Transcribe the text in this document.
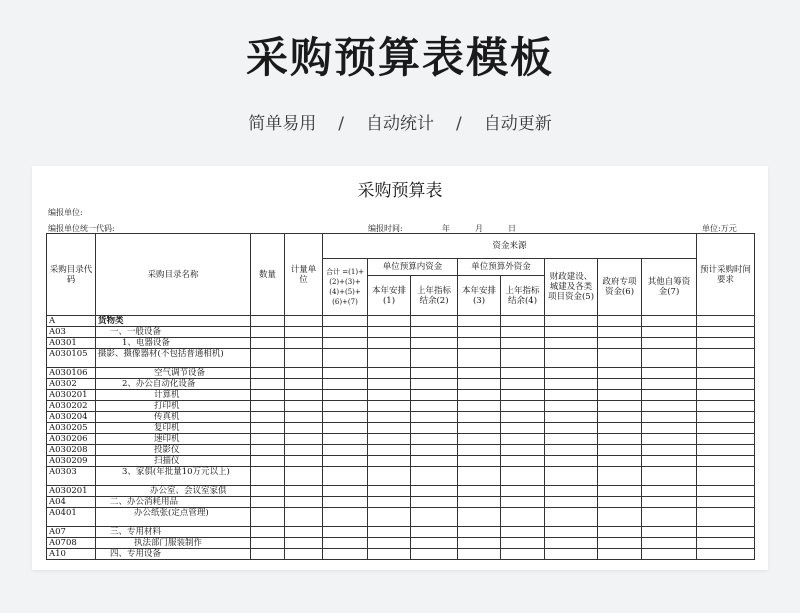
采购预算表模板
简单易用 / 自动统计 / 自动更新
采购预算表
编报单位:
编报单位统一代码:	编报时间:	年	月	日	单位:万元
采购目录代码	采购目录名称	数量	计量单位	资金来源								预计采购时间要求
				合计 =(1)+(2)+(3)+(4)+(5)+(6)+(7)	单位预算内资金		单位预算外资金		财政建设、城建及各类项目资金(5)	政府专项资金(6)	其他自筹资金(7)	
					本年安排(1)	上年指标结余(2)	本年安排(3)	上年指标结余(4)				
A	货物类											
A03	一、一般设备											
A0301	1、电器设备											
A030105	摄影、摄像器材(不包括普通相机)											
A030106	空气调节设备											
A0302	2、办公自动化设备											
A030201	计算机											
A030202	打印机											
A030204	传真机											
A030205	复印机											
A030206	速印机											
A030208	投影仪											
A030209	扫描仪											
A0303	3、家俱(年批量10万元以上)											
A030201	办公室、会议室家俱											
A04	二、办公消耗用品											
A0401	办公纸张(定点管理)											
A07	三、专用材料											
A0708	执法部门服装制作											
A10	四、专用设备											
